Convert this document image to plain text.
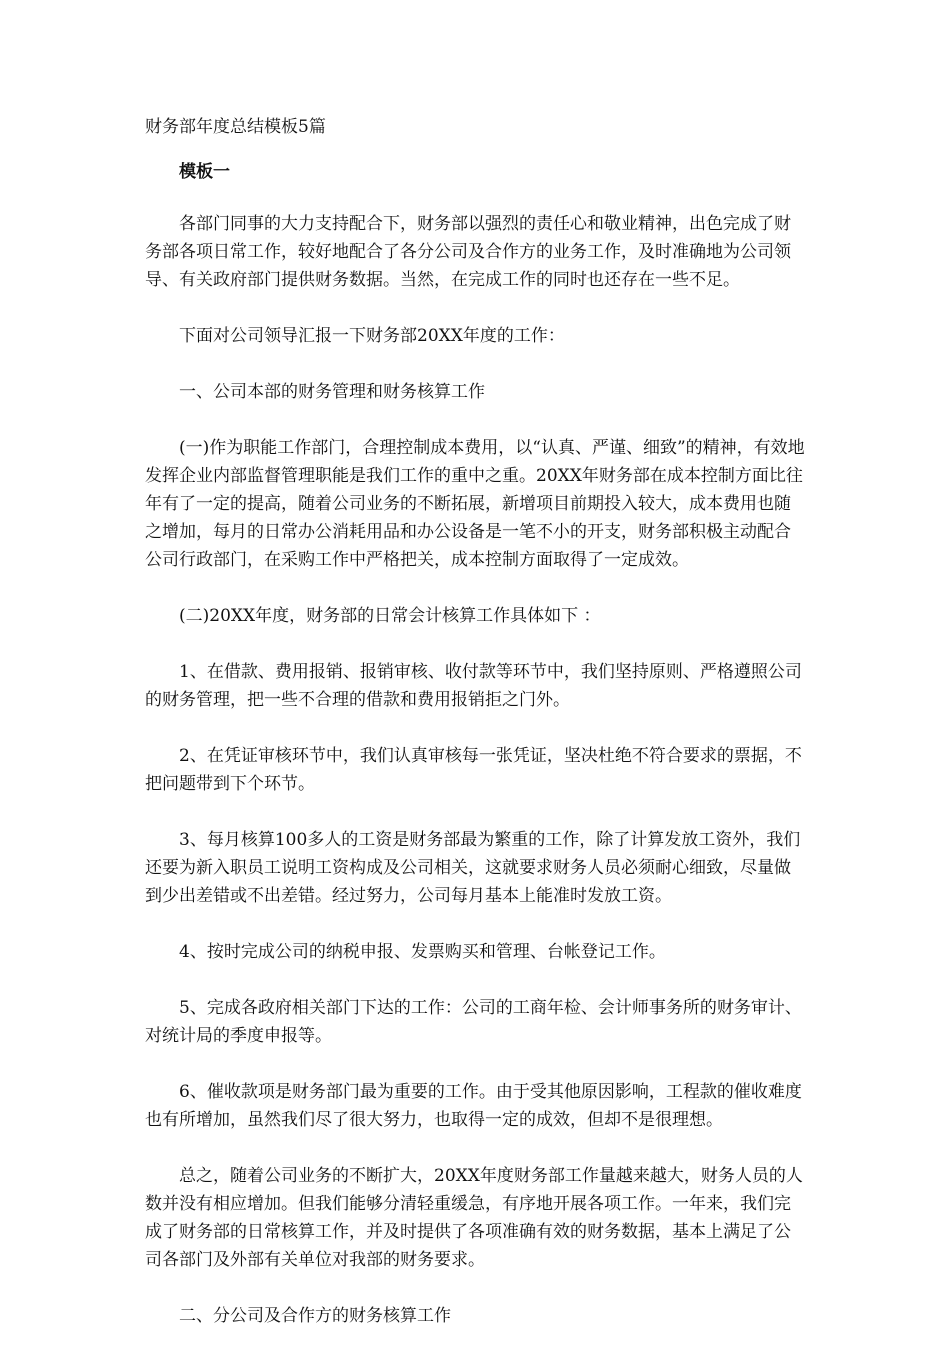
财务部年度总结模板5篇

模板一

各部门同事的大力支持配合下，财务部以强烈的责任心和敬业精神，出色完成了财务部各项日常工作，较好地配合了各分公司及合作方的业务工作，及时准确地为公司领导、有关政府部门提供财务数据。当然，在完成工作的同时也还存在一些不足。

下面对公司领导汇报一下财务部20XX年度的工作：

一、公司本部的财务管理和财务核算工作

(一)作为职能工作部门，合理控制成本费用，以“认真、严谨、细致”的精神，有效地发挥企业内部监督管理职能是我们工作的重中之重。20XX年财务部在成本控制方面比往年有了一定的提高，随着公司业务的不断拓展，新增项目前期投入较大，成本费用也随之增加，每月的日常办公消耗用品和办公设备是一笔不小的开支，财务部积极主动配合公司行政部门，在采购工作中严格把关，成本控制方面取得了一定成效。

(二)20XX年度，财务部的日常会计核算工作具体如下 ：

1、在借款、费用报销、报销审核、收付款等环节中，我们坚持原则、严格遵照公司的财务管理，把一些不合理的借款和费用报销拒之门外。

2、在凭证审核环节中，我们认真审核每一张凭证，坚决杜绝不符合要求的票据，不把问题带到下个环节。

3、每月核算100多人的工资是财务部最为繁重的工作，除了计算发放工资外，我们还要为新入职员工说明工资构成及公司相关，这就要求财务人员必须耐心细致，尽量做到少出差错或不出差错。经过努力，公司每月基本上能准时发放工资。

4、按时完成公司的纳税申报、发票购买和管理、台帐登记工作。

5、完成各政府相关部门下达的工作：公司的工商年检、会计师事务所的财务审计、对统计局的季度申报等。

6、催收款项是财务部门最为重要的工作。由于受其他原因影响，工程款的催收难度也有所增加，虽然我们尽了很大努力，也取得一定的成效，但却不是很理想。

总之，随着公司业务的不断扩大，20XX年度财务部工作量越来越大，财务人员的人数并没有相应增加。但我们能够分清轻重缓急，有序地开展各项工作。一年来，我们完成了财务部的日常核算工作，并及时提供了各项准确有效的财务数据，基本上满足了公司各部门及外部有关单位对我部的财务要求。

二、分公司及合作方的财务核算工作
